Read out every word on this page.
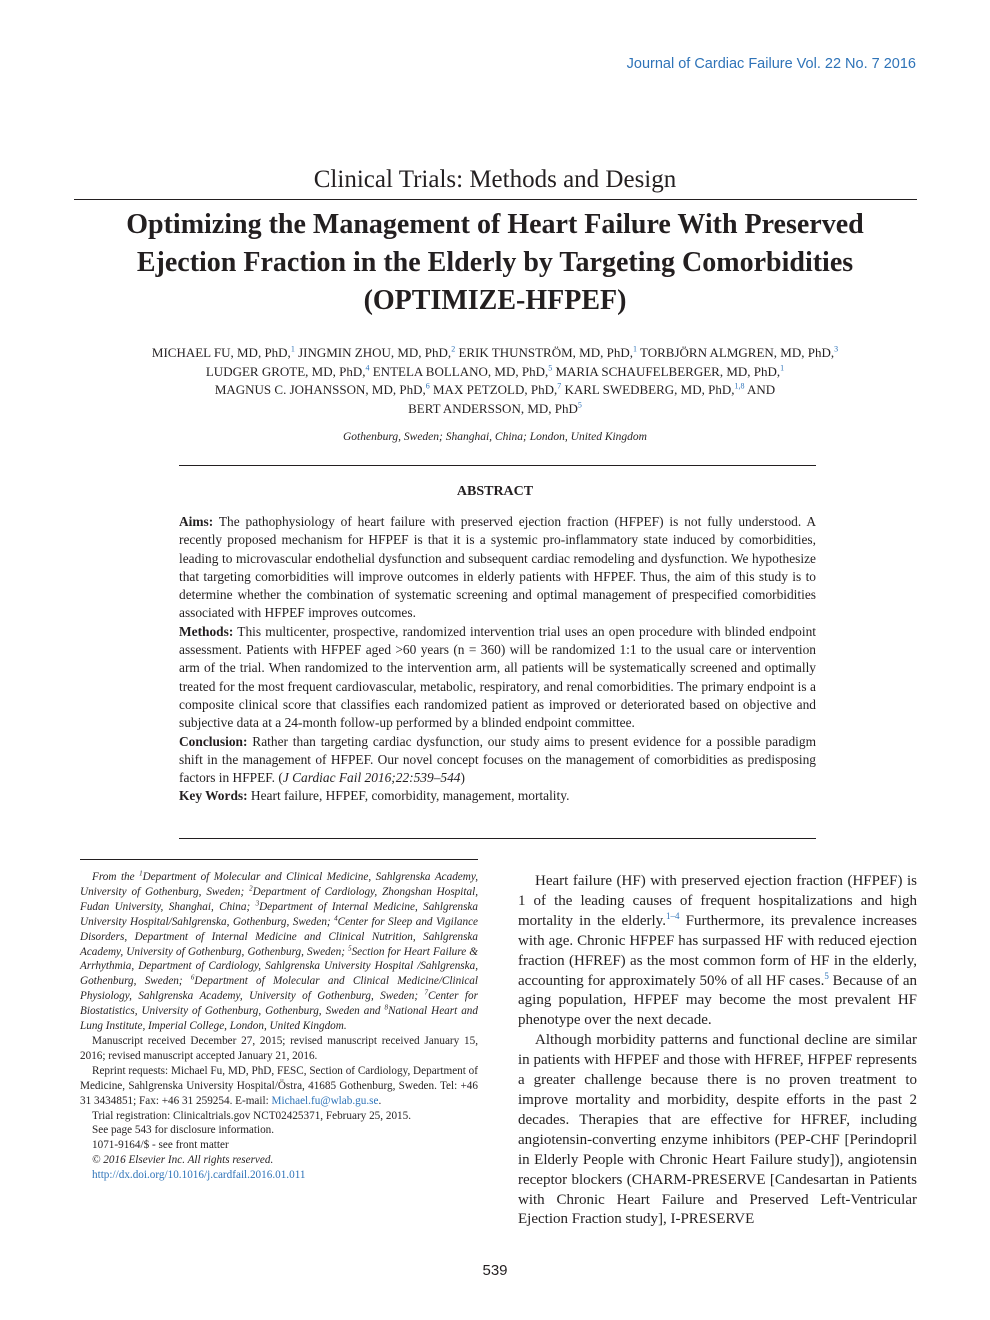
Journal of Cardiac Failure Vol. 22 No. 7 2016
Clinical Trials: Methods and Design
Optimizing the Management of Heart Failure With Preserved
Ejection Fraction in the Elderly by Targeting Comorbidities
(OPTIMIZE-HFPEF)
MICHAEL FU, MD, PhD,$^1$ JINGMIN ZHOU, MD, PhD,$^2$ ERIK THUNSTRÖM, MD, PhD,$^1$ TORBJÖRN ALMGREN, MD, PhD,$^3$
LUDGER GROTE, MD, PhD,$^4$ ENTELA BOLLANO, MD, PhD,$^5$ MARIA SCHAUFELBERGER, MD, PhD,$^1$
MAGNUS C. JOHANSSON, MD, PhD,$^6$ MAX PETZOLD, PhD,$^7$ KARL SWEDBERG, MD, PhD,$^{1,8}$ AND
BERT ANDERSSON, MD, PhD$^5$
Gothenburg, Sweden; Shanghai, China; London, United Kingdom
ABSTRACT

Aims: The pathophysiology of heart failure with preserved ejection fraction (HFPEF) is not fully understood. A recently proposed mechanism for HFPEF is that it is a systemic pro-inflammatory state induced by comorbidities, leading to microvascular endothelial dysfunction and subsequent cardiac remodeling and dysfunction. We hypothesize that targeting comorbidities will improve outcomes in elderly patients with HFPEF. Thus, the aim of this study is to determine whether the combination of systematic screening and optimal management of prespecified comorbidities associated with HFPEF improves outcomes.

Methods: This multicenter, prospective, randomized intervention trial uses an open procedure with blinded endpoint assessment. Patients with HFPEF aged >60 years (n = 360) will be randomized 1:1 to the usual care or intervention arm of the trial. When randomized to the intervention arm, all patients will be systematically screened and optimally treated for the most frequent cardiovascular, metabolic, respiratory, and renal comorbidities. The primary endpoint is a composite clinical score that classifies each randomized patient as improved or deteriorated based on objective and subjective data at a 24-month follow-up performed by a blinded endpoint committee.

Conclusion: Rather than targeting cardiac dysfunction, our study aims to present evidence for a possible paradigm shift in the management of HFPEF. Our novel concept focuses on the management of comorbidities as predisposing factors in HFPEF. (J Cardiac Fail 2016;22:539–544)

Key Words: Heart failure, HFPEF, comorbidity, management, mortality.

From the $^1$Department of Molecular and Clinical Medicine, Sahlgrenska Academy, University of Gothenburg, Sweden; $^2$Department of Cardiology, Zhongshan Hospital, Fudan University, Shanghai, China; $^3$Department of Internal Medicine, Sahlgrenska University Hospital/Sahlgrenska, Gothenburg, Sweden; $^4$Center for Sleep and Vigilance Disorders, Department of Internal Medicine and Clinical Nutrition, Sahlgrenska Academy, University of Gothenburg, Gothenburg, Sweden; $^5$Section for Heart Failure & Arrhythmia, Department of Cardiology, Sahlgrenska University Hospital /Sahlgrenska, Gothenburg, Sweden; $^6$Department of Molecular and Clinical Medicine/Clinical Physiology, Sahlgrenska Academy, University of Gothenburg, Sweden; $^7$Center for Biostatistics, University of Gothenburg, Gothenburg, Sweden and $^8$National Heart and Lung Institute, Imperial College, London, United Kingdom.

Manuscript received December 27, 2015; revised manuscript received January 15, 2016; revised manuscript accepted January 21, 2016.

Reprint requests: Michael Fu, MD, PhD, FESC, Section of Cardiology, Department of Medicine, Sahlgrenska University Hospital/Östra, 41685 Gothenburg, Sweden. Tel: +46 31 3434851; Fax: +46 31 259254. E-mail: Michael.fu@wlab.gu.se.

Trial registration: Clinicaltrials.gov NCT02425371, February 25, 2015.

See page 543 for disclosure information.

1071-9164/$ - see front matter

© 2016 Elsevier Inc. All rights reserved.

http://dx.doi.org/10.1016/j.cardfail.2016.01.011

Heart failure (HF) with preserved ejection fraction (HFPEF) is 1 of the leading causes of frequent hospitalizations and high mortality in the elderly.$^{1-4}$ Furthermore, its prevalence increases with age. Chronic HFPEF has surpassed HF with reduced ejection fraction (HFREF) as the most common form of HF in the elderly, accounting for approximately 50% of all HF cases.$^5$ Because of an aging population, HFPEF may become the most prevalent HF phenotype over the next decade.

Although morbidity patterns and functional decline are similar in patients with HFPEF and those with HFREF, HFPEF represents a greater challenge because there is no proven treatment to improve mortality and morbidity, despite efforts in the past 2 decades. Therapies that are effective for HFREF, including angiotensin-converting enzyme inhibitors (PEP-CHF [Perindopril in Elderly People with Chronic Heart Failure study]), angiotensin receptor blockers (CHARM-PRESERVE [Candesartan in Patients with Chronic Heart Failure and Preserved Left-Ventricular Ejection Fraction study], I-PRESERVE

539
